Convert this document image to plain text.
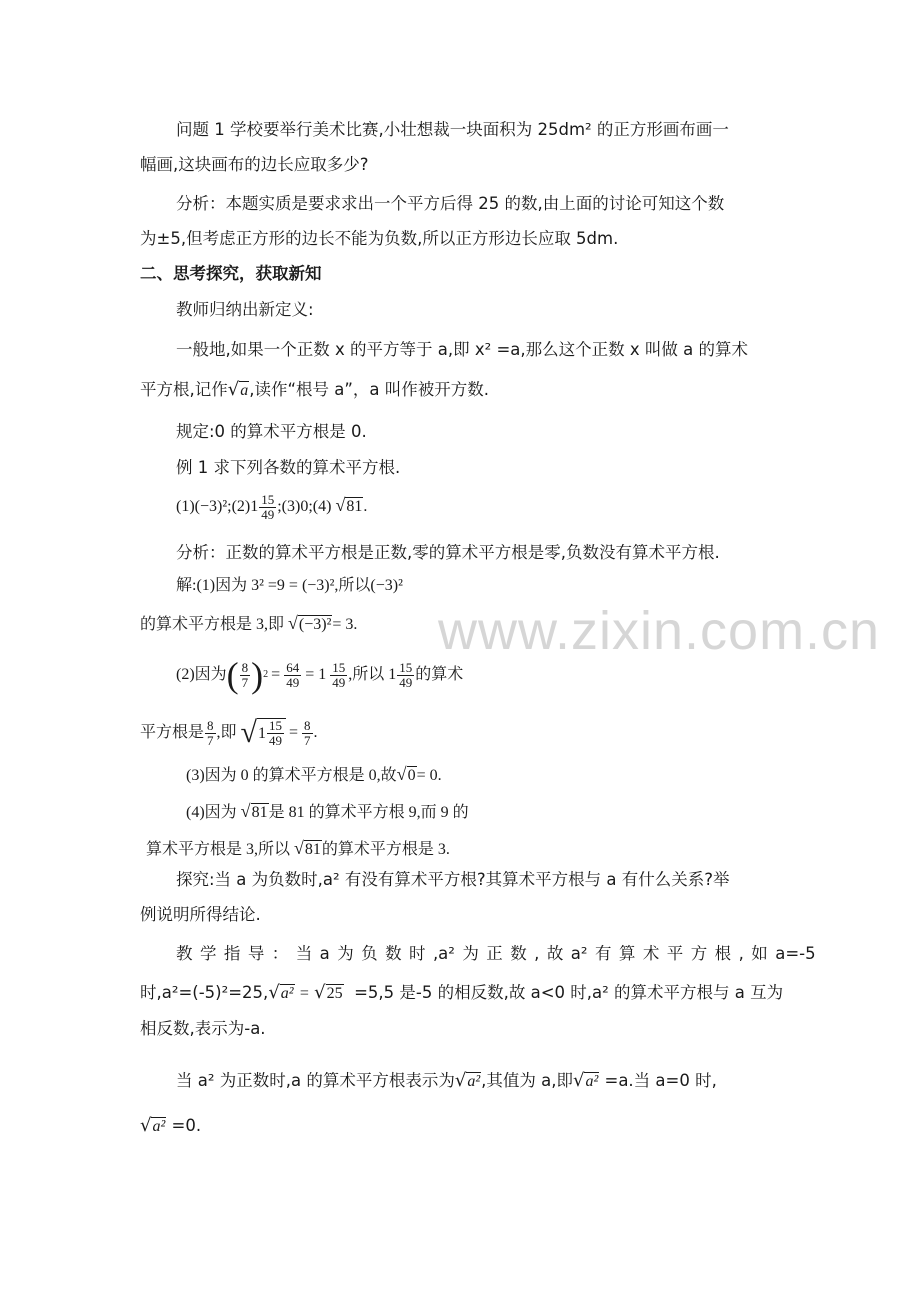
www.zixin.com.cn
问题 1 学校要举行美术比赛,小壮想裁一块面积为 25dm² 的正方形画布画一
幅画,这块画布的边长应取多少?
分析：本题实质是要求求出一个平方后得 25 的数,由上面的讨论可知这个数
为±5,但考虑正方形的边长不能为负数,所以正方形边长应取 5dm.
二、思考探究，获取新知
教师归纳出新定义:
一般地,如果一个正数 x 的平方等于 a,即 x² =a,那么这个正数 x 叫做 a 的算术
平方根,记作√a,读作“根号 a”，a 叫作被开方数.
规定:0 的算术平方根是 0.
例 1 求下列各数的算术平方根.
(1)(−3)²;(2)1 $\frac{15}{49}$ ;(3)0;(4) √81.
分析：正数的算术平方根是正数,零的算术平方根是零,负数没有算术平方根.
解:(1)因为 3² =9 = (−3)²,所以(−3)²
的算术平方根是 3,即 √(−3)²= 3.
(2)因为 ( $\frac{8}{7}$ ) $2 = \frac{64}{49} = 1 \frac{15}{49}$ ,所以 $1 \frac{15}{49}$ 的算术
平方根是 $\frac{8}{7}$ ,即 √ $1 \frac{15}{49} = \frac{8}{7}$ .
(3)因为 0 的算术平方根是 0,故√0= 0.
(4)因为 √81是 81 的算术平方根 9,而 9 的
算术平方根是 3,所以 √81的算术平方根是 3.
探究:当 a 为负数时,a² 有没有算术平方根?其算术平方根与 a 有什么关系?举
例说明所得结论.
教 学 指 导 ： 当 a 为 负 数 时 ,a² 为 正 数 , 故 a² 有 算 术 平 方 根 , 如 a=-5
时,a²=(-5)²=25,√a² = √25 =5,5 是-5 的相反数,故 a<0 时,a² 的算术平方根与 a 互为
相反数,表示为-a.
当 a² 为正数时,a 的算术平方根表示为√a²,其值为 a,即√a² =a.当 a=0 时,
√a² =0.
